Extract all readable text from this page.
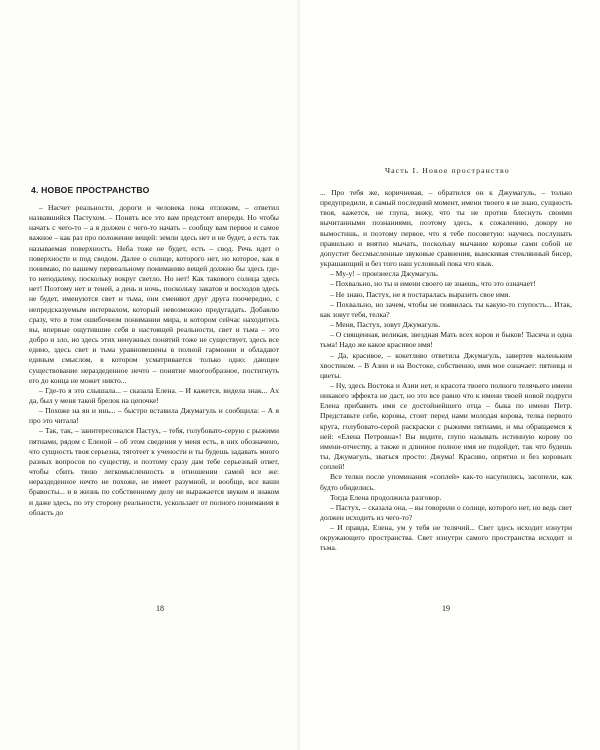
4. НОВОЕ ПРОСТРАНСТВО

– Насчет реальности, дороги и человека пока отложим, – ответил назвавшийся Пастухом. – Понять все это вам предстоит впереди. Но чтобы начать с чего-то – а я должен с чего-то начать – сообщу вам первое и самое важное – как раз про положение вещей: земли здесь нет и не будет, а есть так называемая поверхность. Неба тоже не будет, есть – свод. Речь идет о поверхности и под сводом. Далее о солнце, которого нет, но которое, как я понимаю, по вашему первеальному пониманию вещей должно бы здесь где-то неподалеку, поскольку вокруг светло. Но нет! Как такового солнца здесь нет! Поэтому нет и теней, а день и ночь, поскольку закатов и восходов здесь не будет, именуются свет и тьма, они сменяют друг друга поочередно, с непредсказуемым интервалом, который невозможно предугадать. Добавлю сразу, что в том ошибочном понимании мира, в котором сейчас находитесь вы, впервые ощутившие себя в настоящей реальности, свет и тьма – это добро и зло, но здесь этих ненужных понятий тоже не существует, здесь все едино, здесь свет и тьма уравновешены в полной гармонии и обладают единым смыслом, в котором усматривается только одно: дающее существование нераздеденное нечто – понятие многообразное, постигнуть его до конца не может никто...

– Где-то я это слышала... – сказала Елена. – И кажется, видела знак... Ах да, был у меня такой брелок на цепочке!

– Похоже на ян и инь... – быстро вставила Джумагуль и сообщила: – А я про это читала!

– Так, так, – заинтересовался Пастух, – тебя, голубовато-серую с рыжими пятнами, рядом с Еленой – об этом сведения у меня есть, в них обозначено, что сущность твоя серьезна, тяготеет к учености и ты будешь задавать много разных вопросов по существу, и поэтому сразу дам тебе серьезный ответ, чтобы сбить твою легкомысленность в отношении самой все же: нераздеденное нечто не похоже, не имеет разумной, и вообще, все ваши бравосты... и в жизнь по собственному делу не выражается звуком и знаком и даже здесь, по эту сторону реальности, ускользает от полного понимания в область до

18

Часть I. Новое пространство

... Про тебя же, коричневая, – обратился он к Джумагуль, – только предупредили, в самый последний момент, имени твоего я не знаю, сущность твоя, кажется, не глупа, вижу, что ты не против блеснуть своими вычитанными познаниями, поэтому здесь, к сожалению, докору не вымостишь, и поэтому первое, что я тебе посоветую: научись послушать правильно и внятно мычать, поскольку мычание коровье сами собой не допустит бессмысленные звуковые сравнения, выискивая стеклянный бисер, украшающий и без того наш условный пока что язык.

– Му-у! – произнесла Джумагуль.

– Похвально, но ты и имени своего не знаешь, что это означает!

– Не знаю, Пастух, не я постаралась выразить свое имя.

– Похвально, но зачем, чтобы не появилась ты какую-то глупость... Итак, как зовут тебя, телка?

– Меня, Пастух, зовут Джумагуль.

– О священная, великая, звездная Мать всех коров и быков! Тысяча и одна тьма! Надо же какое красивое имя!

– Да, красивое, – кокетливо ответила Джумагуль, завертев маленьким хвостиком. – В Азии и на Востоке, собственно, имя мое означает: пятница и цветы.

– Ну, здесь Востока и Азии нет, и красота твоего полного телячьего имени никакого эффекта не даст, но это все равно что к имени твоей новой подруги Елена прибавить имя се достойнейшего отца – быка по имени Петр. Представьте себе, коровы, стоит перед нами молодая корова, телка первого круга, голубовато-серой раскраски с рыжими пятнами, и мы обращаемся к ней: «Елена Петровна»! Вы видите, глупо называть истинную корову по имени-отчеству, а также и длинное полное имя не подойдет, так что будешь ты, Джумагуль, зваться просто: Джума! Красиво, опрятно и без коровьих соплей!

Все телки после упоминания «соплей» как-то насупились, засопели, как будто обиделись.

Тогда Елена продолжила разговор.

– Пастух, – сказала она, – вы говорили о солнце, которого нет, но ведь свет должен исходить из чего-то?

– И правда, Елена, ум у тебя не телячий... Свет здесь исходит изнутри окружающего пространства. Свет изнутри самого пространства исходит и тьма.

19
